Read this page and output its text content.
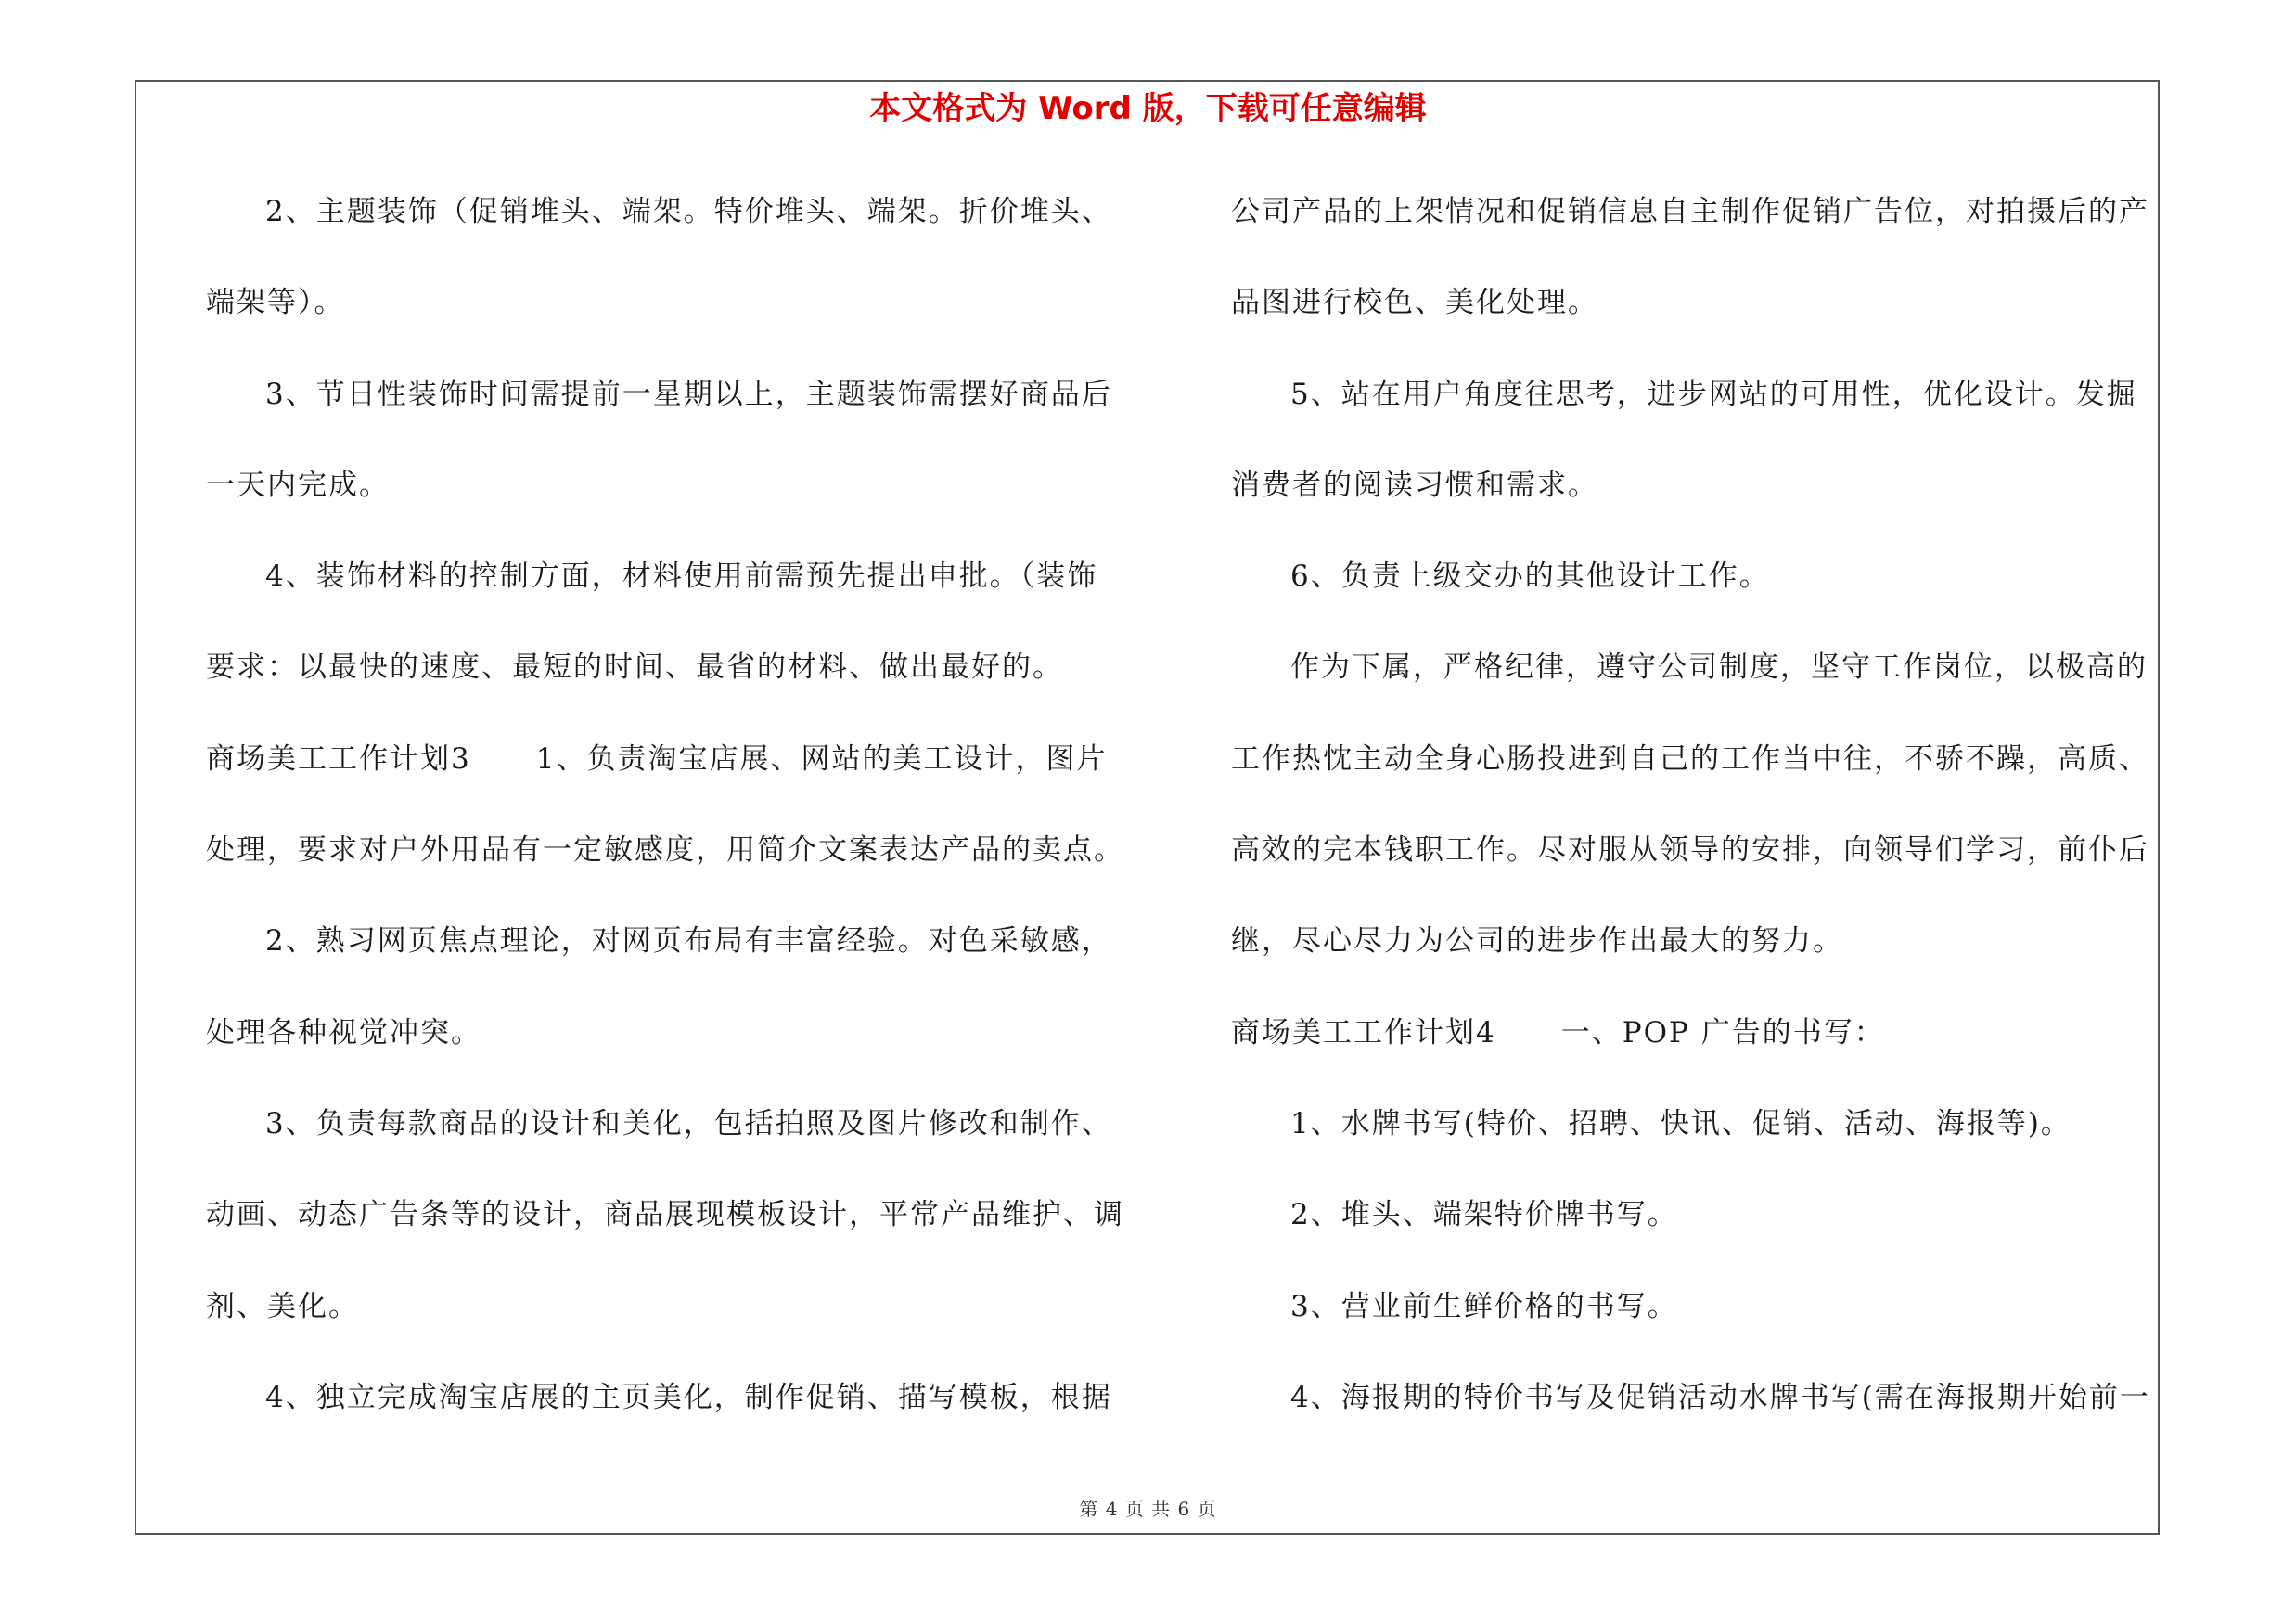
本文格式为 Word 版，下载可任意编辑
2、主题装饰（促销堆头、端架。特价堆头、端架。折价堆头、
端架等）。
3、节日性装饰时间需提前一星期以上，主题装饰需摆好商品后
一天内完成。
4、装饰材料的控制方面，材料使用前需预先提出申批。（装饰
要求：以最快的速度、最短的时间、最省的材料、做出最好的。
商场美工工作计划3 1、负责淘宝店展、网站的美工设计，图片
处理，要求对户外用品有一定敏感度，用简介文案表达产品的卖点。
2、熟习网页焦点理论，对网页布局有丰富经验。对色采敏感，
处理各种视觉冲突。
3、负责每款商品的设计和美化，包括拍照及图片修改和制作、
动画、动态广告条等的设计，商品展现模板设计，平常产品维护、调
剂、美化。
4、独立完成淘宝店展的主页美化，制作促销、描写模板，根据
公司产品的上架情况和促销信息自主制作促销广告位，对拍摄后的产
品图进行校色、美化处理。
5、站在用户角度往思考，进步网站的可用性，优化设计。发掘
消费者的阅读习惯和需求。
6、负责上级交办的其他设计工作。
作为下属，严格纪律，遵守公司制度，坚守工作岗位，以极高的
工作热忱主动全身心肠投进到自己的工作当中往，不骄不躁，高质、
高效的完本钱职工作。尽对服从领导的安排，向领导们学习，前仆后
继，尽心尽力为公司的进步作出最大的努力。
商场美工工作计划4 一、POP 广告的书写：
1、水牌书写(特价、招聘、快讯、促销、活动、海报等)。
2、堆头、端架特价牌书写。
3、营业前生鲜价格的书写。
4、海报期的特价书写及促销活动水牌书写(需在海报期开始前一
第 4 页 共 6 页
